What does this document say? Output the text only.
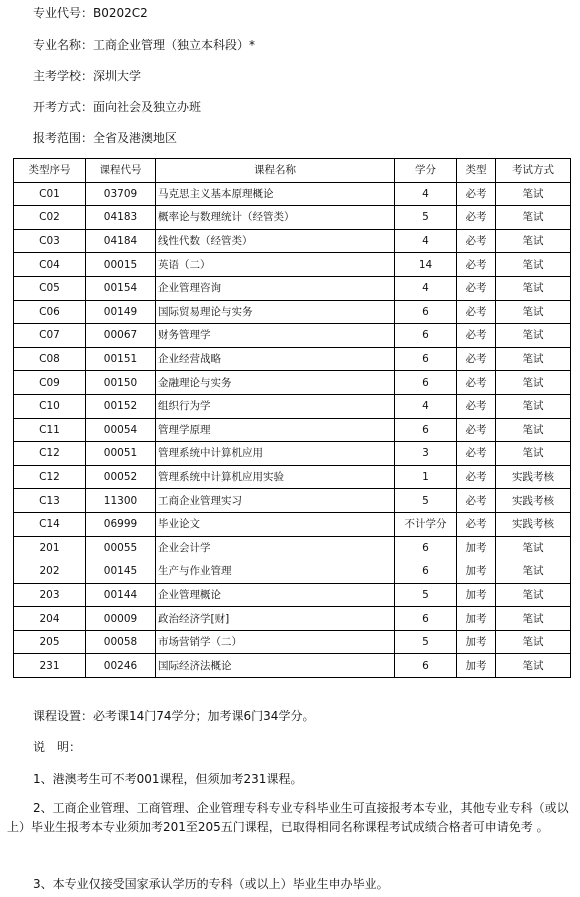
专业代号：B0202C2
专业名称：工商企业管理（独立本科段）*
主考学校：深圳大学
开考方式：面向社会及独立办班
报考范围：全省及港澳地区
类型序号	课程代号	课程名称	学分	类型	考试方式
C01	03709	马克思主义基本原理概论	4	必考	笔试
C02	04183	概率论与数理统计（经管类）	5	必考	笔试
C03	04184	线性代数（经管类）	4	必考	笔试
C04	00015	英语（二）	14	必考	笔试
C05	00154	企业管理咨询	4	必考	笔试
C06	00149	国际贸易理论与实务	6	必考	笔试
C07	00067	财务管理学	6	必考	笔试
C08	00151	企业经营战略	6	必考	笔试
C09	00150	金融理论与实务	6	必考	笔试
C10	00152	组织行为学	4	必考	笔试
C11	00054	管理学原理	6	必考	笔试
C12	00051	管理系统中计算机应用	3	必考	笔试
C12	00052	管理系统中计算机应用实验	1	必考	实践考核
C13	11300	工商企业管理实习	5	必考	实践考核
C14	06999	毕业论文	不计学分	必考	实践考核
201	00055	企业会计学	6	加考	笔试
202	00145	生产与作业管理	6	加考	笔试
203	00144	企业管理概论	5	加考	笔试
204	00009	政治经济学[财]	6	加考	笔试
205	00058	市场营销学（二）	5	加考	笔试
231	00246	国际经济法概论	6	加考	笔试
课程设置：必考课14门74学分；加考课6门34学分。
说　明：
1、港澳考生可不考001课程，但须加考231课程。
2、工商企业管理、工商管理、企业管理专科专业专科毕业生可直接报考本专业，其他专业专科（或以上）毕业生报考本专业须加考201至205五门课程，已取得相同名称课程考试成绩合格者可申请免考 。
3、本专业仅接受国家承认学历的专科（或以上）毕业生申办毕业。
